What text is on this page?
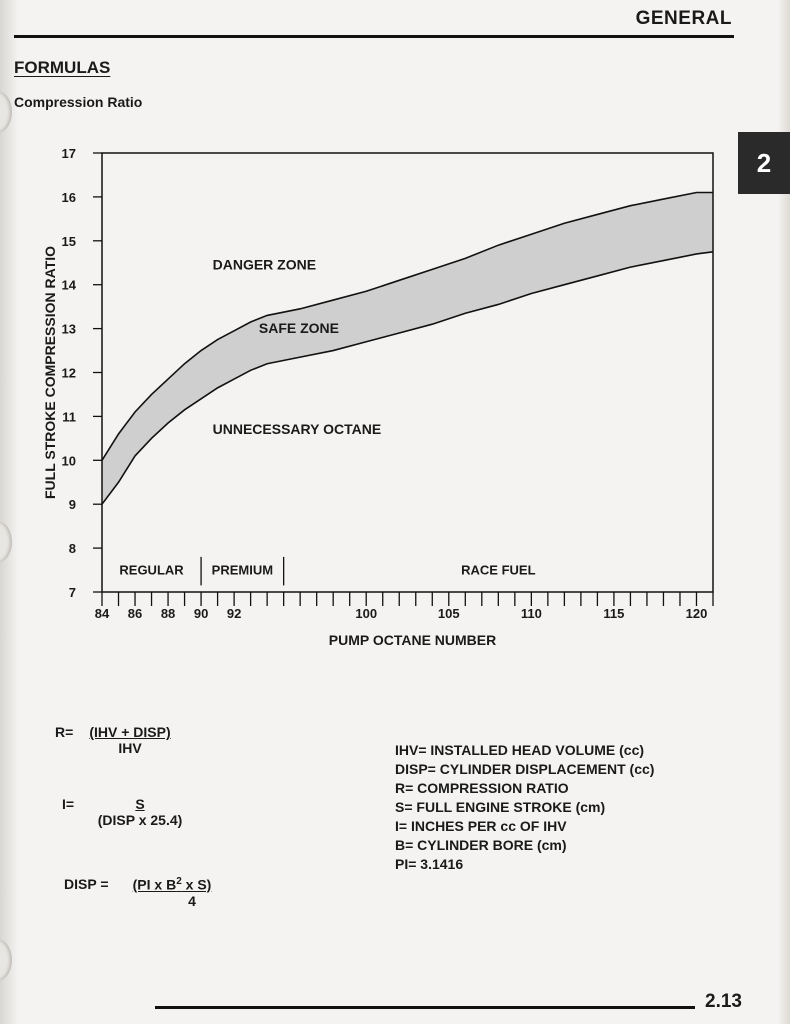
GENERAL
FORMULAS
Compression Ratio
2
7
8
9
10
11
12
13
14
15
16
17
84 86 88 90 92	100	105	110	115	120
REGULAR PREMIUM	RACE FUEL
DANGER ZONE
SAFE ZONE
UNNECESSARY OCTANE
FULL STROKE COMPRESSION RATIO
PUMP OCTANE NUMBER
R=	(IHV + DISP)
IHV
I=	S
(DISP x 25.4)
DISP = $\frac{(PI x B^2 x S)}{4}$
IHV= INSTALLED HEAD VOLUME (cc)
DISP= CYLINDER DISPLACEMENT (cc)
R= COMPRESSION RATIO
S= FULL ENGINE STROKE (cm)
I= INCHES PER cc OF IHV
B= CYLINDER BORE (cm)
PI= 3.1416
2.13
